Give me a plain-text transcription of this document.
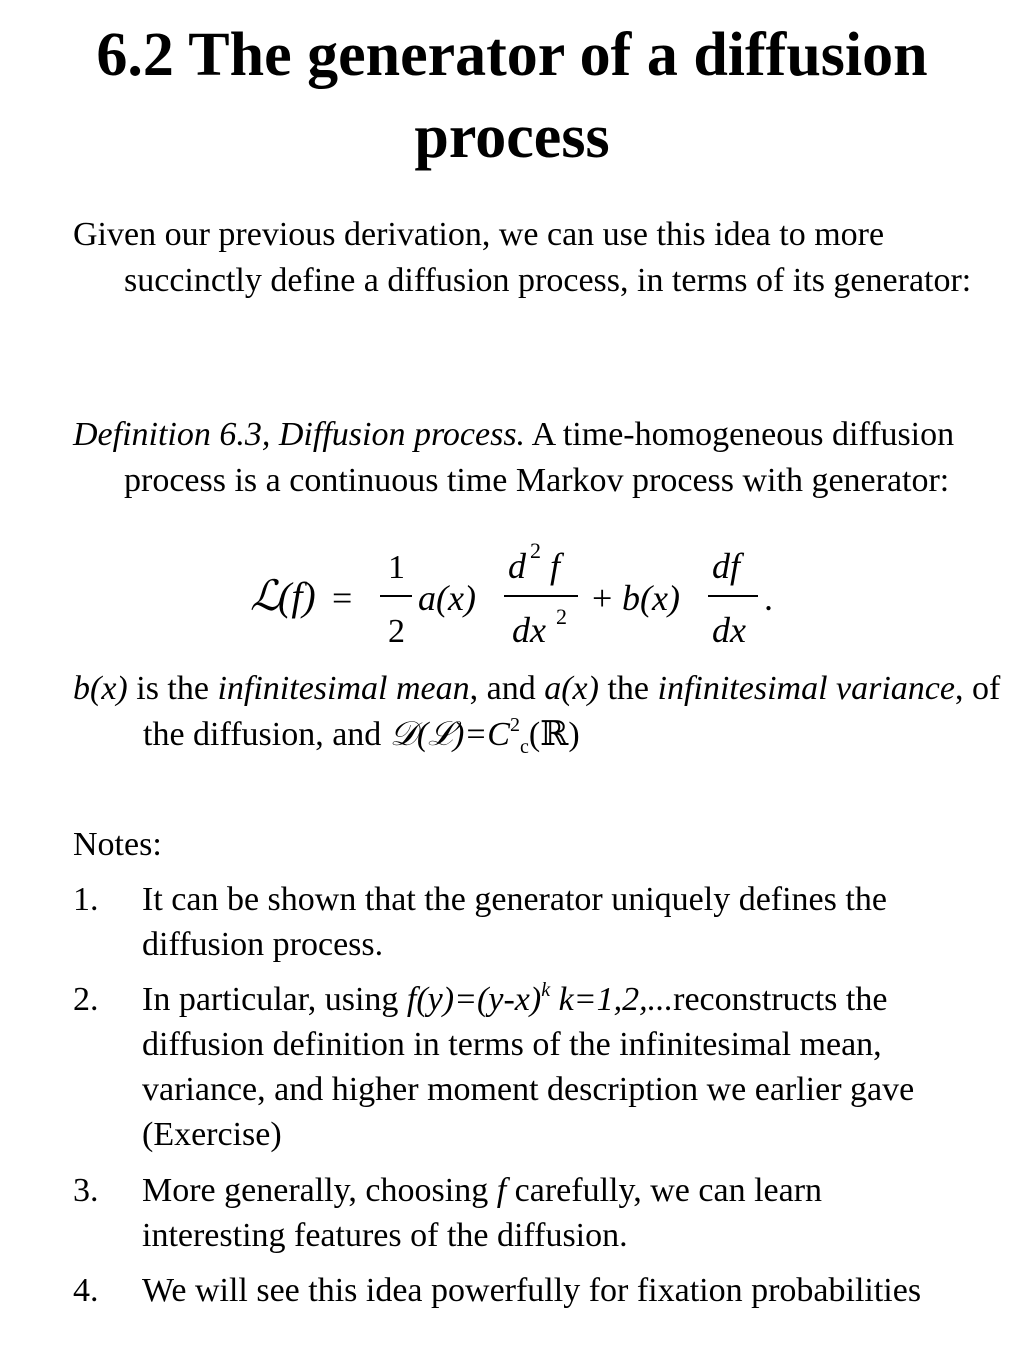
6.2 The generator of a diffusion process
Given our previous derivation, we can use this idea to more succinctly define a diffusion process, in terms of its generator:
Definition 6.3, Diffusion process. A time-homogeneous diffusion process is a continuous time Markov process with generator:
ℒ
(f) =
1
2
a(x)
d 2 f
dx 2 + b(x)
df
dx
.
b(x) is the infinitesimal mean, and a(x) the infinitesimal variance, of the diffusion, and $𝒟(ℒ)=C^2_c(ℝ)$
Notes:
1. It can be shown that the generator uniquely defines the diffusion process.
2. In particular, using $f(y)=(y-x)^k$ k=1,2,...reconstructs the diffusion definition in terms of the infinitesimal mean, variance, and higher moment description we earlier gave (Exercise)
3. More generally, choosing f carefully, we can learn interesting features of the diffusion.
4. We will see this idea powerfully for fixation probabilities
